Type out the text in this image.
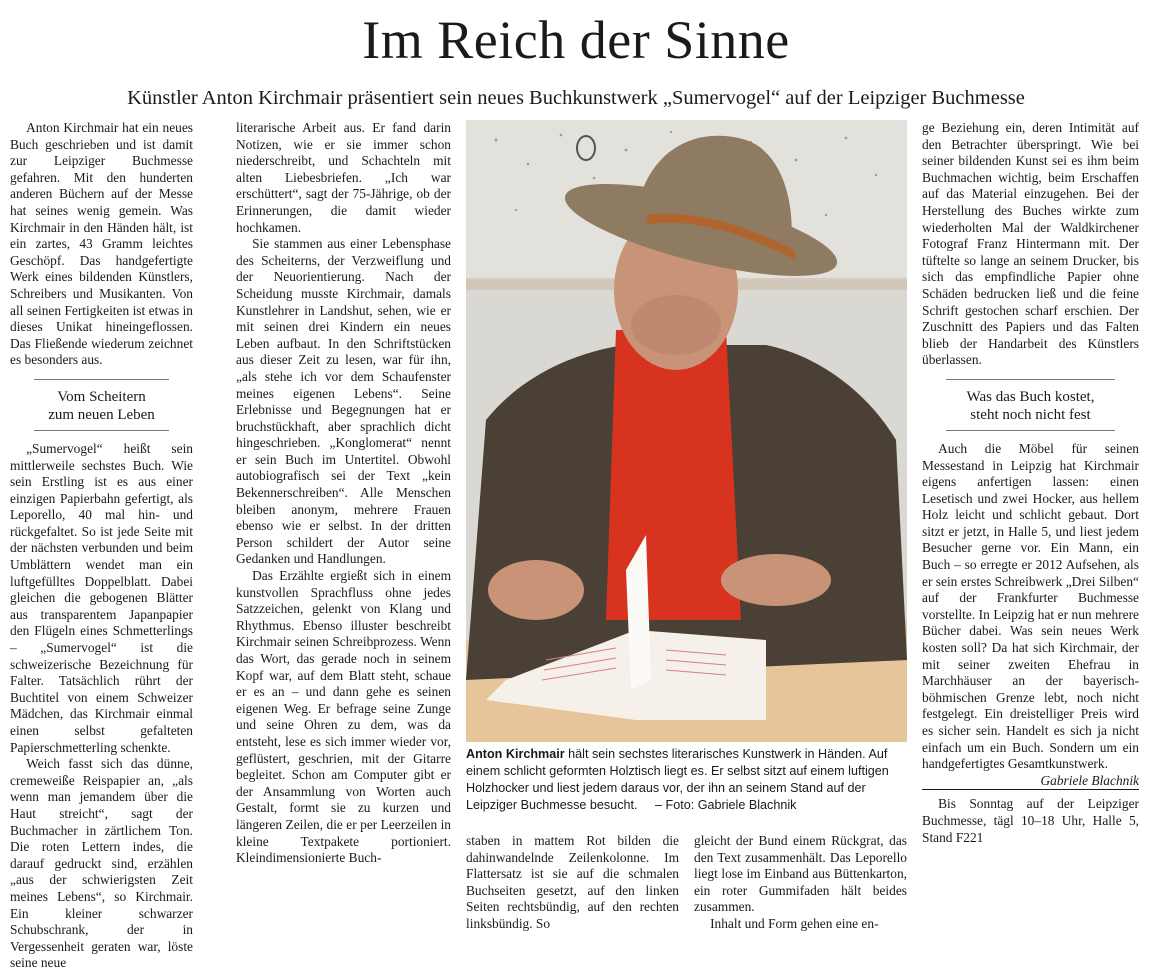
Im Reich der Sinne
Künstler Anton Kirchmair präsentiert sein neues Buchkunstwerk „Sumervogel“ auf der Leipziger Buchmesse

Anton Kirchmair hat ein neues Buch geschrieben und ist damit zur Leipziger Buchmesse gefahren. Mit den hunderten anderen Büchern auf der Messe hat seines wenig gemein. Was Kirchmair in den Händen hält, ist ein zartes, 43 Gramm leichtes Geschöpf. Das handgefertigte Werk eines bildenden Künstlers, Schreibers und Musikanten. Von all seinen Fertigkeiten ist etwas in dieses Unikat hineingeflossen. Das Fließende wiederum zeichnet es besonders aus.

Vom Scheitern
zum neuen Leben

„Sumervogel“ heißt sein mittlerweile sechstes Buch. Wie sein Erstling ist es aus einer einzigen Papierbahn gefertigt, als Leporello, 40 mal hin- und rückgefaltet. So ist jede Seite mit der nächsten verbunden und beim Umblättern wendet man ein luftgefülltes Doppelblatt. Dabei gleichen die gebogenen Blätter aus transparentem Japanpapier den Flügeln eines Schmetterlings – „Sumervogel“ ist die schweizerische Bezeichnung für Falter. Tatsächlich rührt der Buchtitel von einem Schweizer Mädchen, das Kirchmair einmal einen selbst gefalteten Papierschmetterling schenkte.

Weich fasst sich das dünne, cremeweiße Reispapier an, „als wenn man jemandem über die Haut streicht“, sagt der Buchmacher in zärtlichem Ton. Die roten Lettern indes, die darauf gedruckt sind, erzählen „aus der schwierigsten Zeit meines Lebens“, so Kirchmair. Ein kleiner schwarzer Schubschrank, der in Vergessenheit geraten war, löste seine neue

literarische Arbeit aus. Er fand darin Notizen, wie er sie immer schon niederschreibt, und Schachteln mit alten Liebesbriefen. „Ich war erschüttert“, sagt der 75-Jährige, ob der Erinnerungen, die damit wieder hochkamen.

Sie stammen aus einer Lebensphase des Scheiterns, der Verzweiflung und der Neuorientierung. Nach der Scheidung musste Kirchmair, damals Kunstlehrer in Landshut, sehen, wie er mit seinen drei Kindern ein neues Leben aufbaut. In den Schriftstücken aus dieser Zeit zu lesen, war für ihn, „als stehe ich vor dem Schaufenster meines eigenen Lebens“. Seine Erlebnisse und Begegnungen hat er bruchstückhaft, aber sprachlich dicht hingeschrieben. „Konglomerat“ nennt er sein Buch im Untertitel. Obwohl autobiografisch sei der Text „kein Bekennerschreiben“. Alle Menschen bleiben anonym, mehrere Frauen ebenso wie er selbst. In der dritten Person schildert der Autor seine Gedanken und Handlungen.

Das Erzählte ergießt sich in einem kunstvollen Sprachfluss ohne jedes Satzzeichen, gelenkt von Klang und Rhythmus. Ebenso illuster beschreibt Kirchmair seinen Schreibprozess. Wenn das Wort, das gerade noch in seinem Kopf war, auf dem Blatt steht, schaue er es an – und dann gehe es seinen eigenen Weg. Er befrage seine Zunge und seine Ohren zu dem, was da entsteht, lese es sich immer wieder vor, geflüstert, geschrien, mit der Gitarre begleitet. Schon am Computer gibt er der Ansammlung von Worten auch Gestalt, formt sie zu kurzen und längeren Zeilen, die er per Leerzeilen in kleine Textpakete portioniert. Kleindimensionierte Buch-

Anton Kirchmair hält sein sechstes literarisches Kunstwerk in Händen. Auf einem schlicht geformten Holztisch liegt es. Er selbst sitzt auf einem luftigen Holzhocker und liest jedem daraus vor, der ihn an seinem Stand auf der Leipziger Buchmesse besucht. – Foto: Gabriele Blachnik

staben in mattem Rot bilden die dahinwandelnde Zeilenkolonne. Im Flattersatz ist sie auf die schmalen Buchseiten gesetzt, auf den linken Seiten rechtsbündig, auf den rechten linksbündig. So

gleicht der Bund einem Rückgrat, das den Text zusammenhält. Das Leporello liegt lose im Einband aus Büttenkarton, ein roter Gummifaden hält beides zusammen.

Inhalt und Form gehen eine en-

ge Beziehung ein, deren Intimität auf den Betrachter überspringt. Wie bei seiner bildenden Kunst sei es ihm beim Buchmachen wichtig, beim Erschaffen auf das Material einzugehen. Bei der Herstellung des Buches wirkte zum wiederholten Mal der Waldkirchener Fotograf Franz Hintermann mit. Der tüftelte so lange an seinem Drucker, bis sich das empfindliche Papier ohne Schäden bedrucken ließ und die feine Schrift gestochen scharf erschien. Der Zuschnitt des Papiers und das Falten blieb der Handarbeit des Künstlers überlassen.

Was das Buch kostet,
steht noch nicht fest

Auch die Möbel für seinen Messestand in Leipzig hat Kirchmair eigens anfertigen lassen: einen Lesetisch und zwei Hocker, aus hellem Holz leicht und schlicht gebaut. Dort sitzt er jetzt, in Halle 5, und liest jedem Besucher gerne vor. Ein Mann, ein Buch – so erregte er 2012 Aufsehen, als er sein erstes Schreibwerk „Drei Silben“ auf der Frankfurter Buchmesse vorstellte. In Leipzig hat er nun mehrere Bücher dabei. Was sein neues Werk kosten soll? Da hat sich Kirchmair, der mit seiner zweiten Ehefrau in Marchhäuser an der bayerisch-böhmischen Grenze lebt, noch nicht festgelegt. Ein dreistelliger Preis wird es sicher sein. Handelt es sich ja nicht einfach um ein Buch. Sondern um ein handgefertigtes Gesamtkunstwerk.
Gabriele Blachnik

Bis Sonntag auf der Leipziger Buchmesse, tägl 10–18 Uhr, Halle 5, Stand F221
